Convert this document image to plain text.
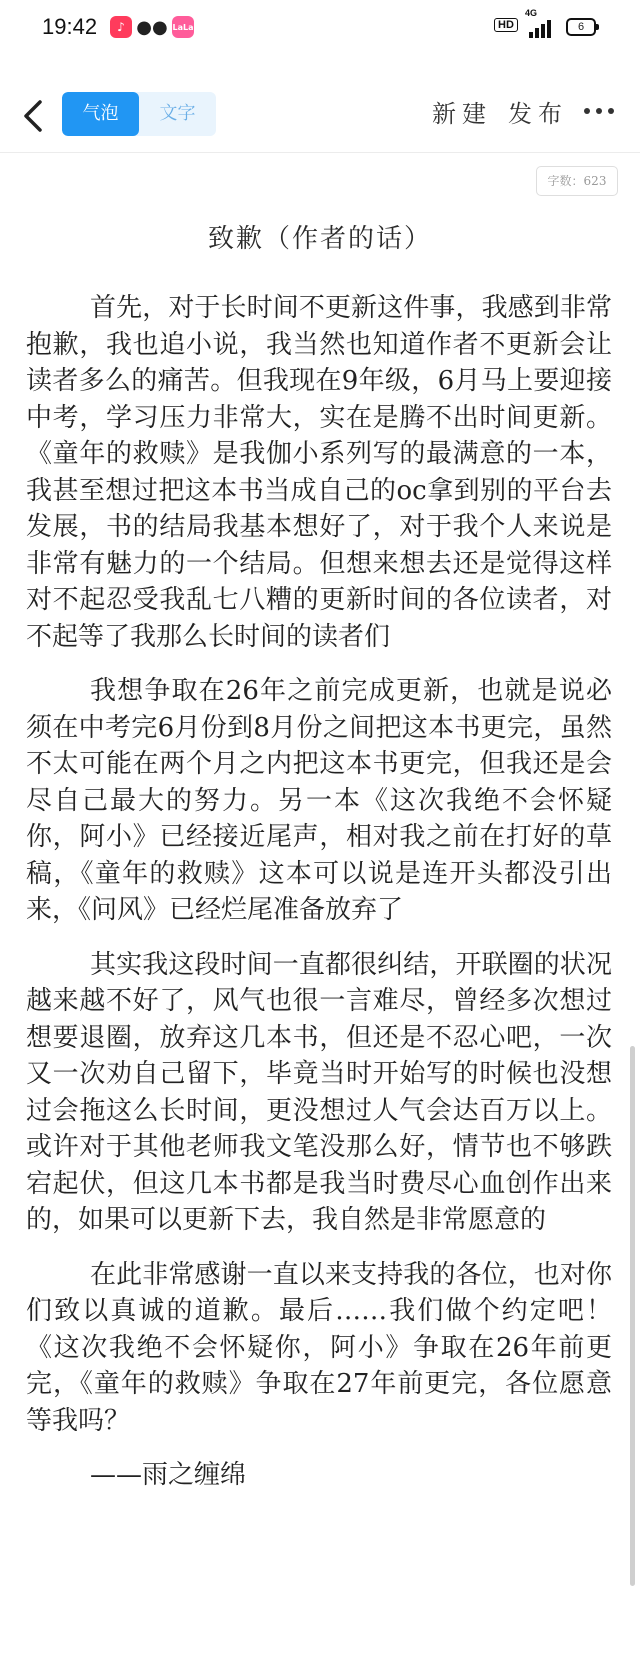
19:42	♪ ●● LaLa	HD
4G
6
气泡	文字	新建 发布
字数：623
致歉（作者的话）

首先，对于长时间不更新这件事，我感到非常抱歉，我也追小说，我当然也知道作者不更新会让读者多么的痛苦。但我现在9年级，6月马上要迎接中考，学习压力非常大，实在是腾不出时间更新。《童年的救赎》是我伽小系列写的最满意的一本，我甚至想过把这本书当成自己的oc拿到别的平台去发展，书的结局我基本想好了，对于我个人来说是非常有魅力的一个结局。但想来想去还是觉得这样对不起忍受我乱七八糟的更新时间的各位读者，对不起等了我那么长时间的读者们

我想争取在26年之前完成更新，也就是说必须在中考完6月份到8月份之间把这本书更完，虽然不太可能在两个月之内把这本书更完，但我还是会尽自己最大的努力。另一本《这次我绝不会怀疑你，阿小》已经接近尾声，相对我之前在打好的草稿，《童年的救赎》这本可以说是连开头都没引出来，《问风》已经烂尾准备放弃了

其实我这段时间一直都很纠结，开联圈的状况越来越不好了，风气也很一言难尽，曾经多次想过想要退圈，放弃这几本书，但还是不忍心吧，一次又一次劝自己留下，毕竟当时开始写的时候也没想过会拖这么长时间，更没想过人气会达百万以上。或许对于其他老师我文笔没那么好，情节也不够跌宕起伏，但这几本书都是我当时费尽心血创作出来的，如果可以更新下去，我自然是非常愿意的

在此非常感谢一直以来支持我的各位，也对你们致以真诚的道歉。最后……我们做个约定吧！《这次我绝不会怀疑你，阿小》争取在26年前更完，《童年的救赎》争取在27年前更完，各位愿意等我吗？

——雨之缠绵
